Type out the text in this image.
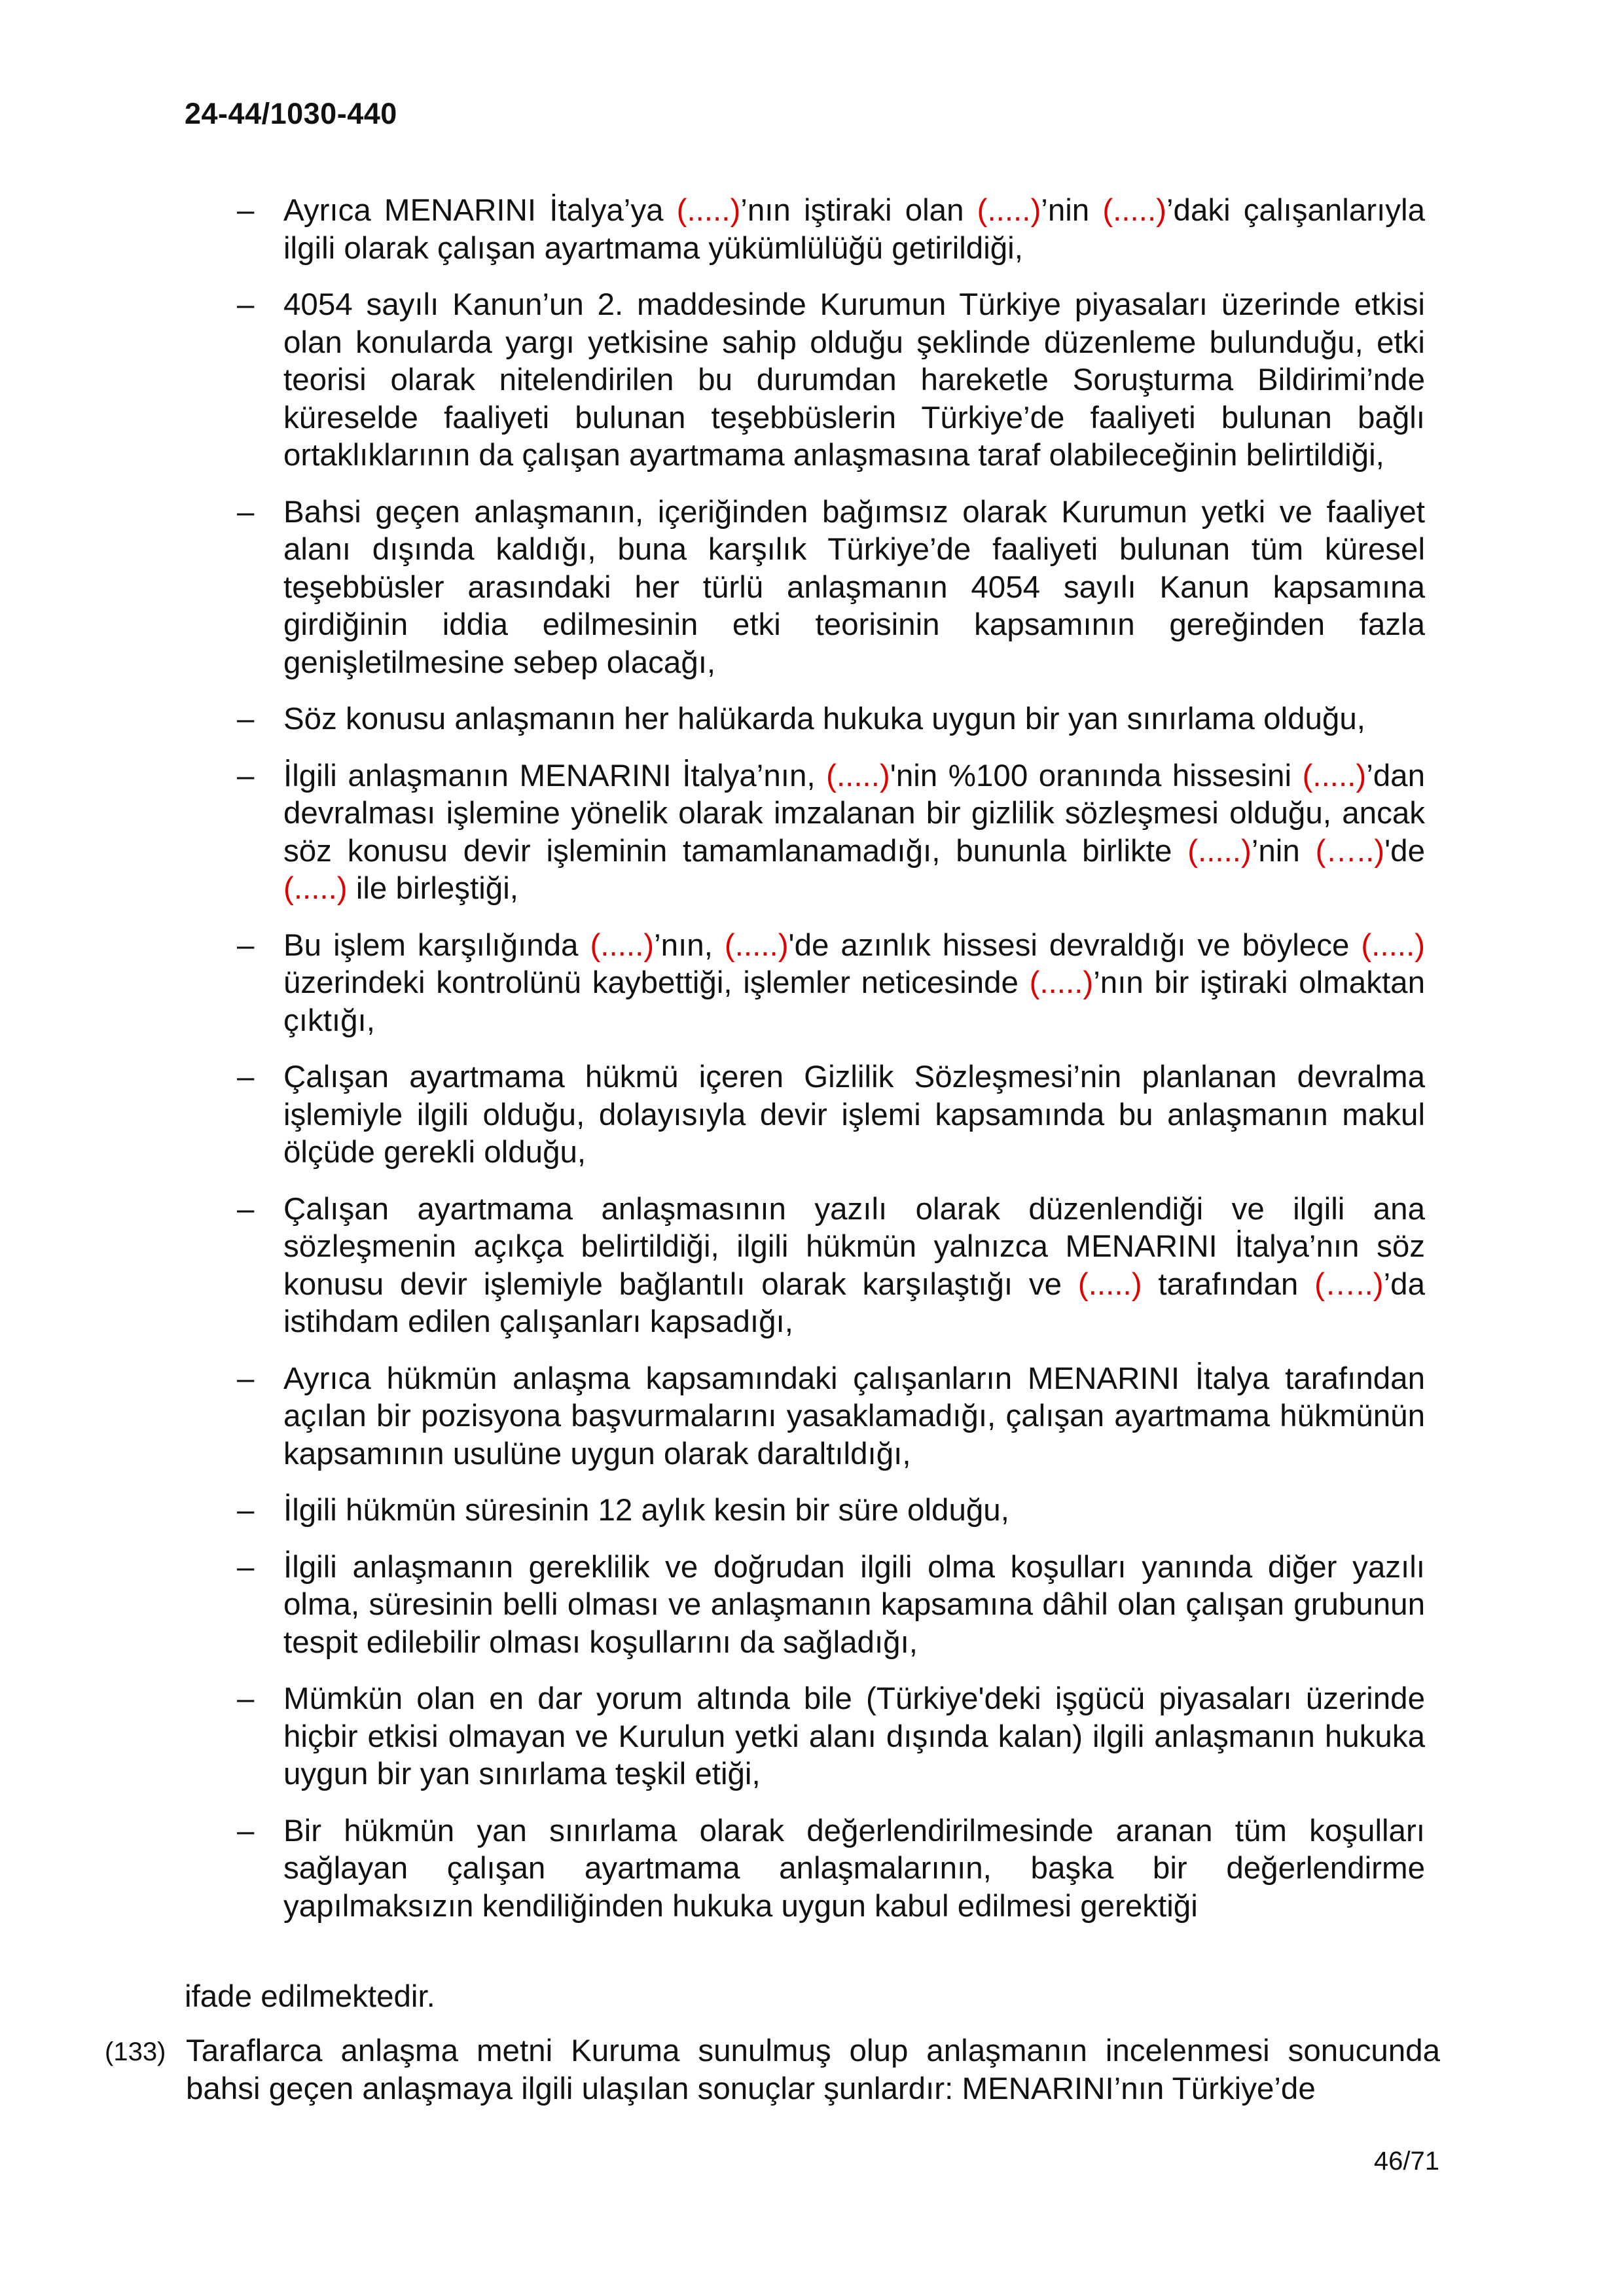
24-44/1030-440
– Ayrıca MENARINI İtalya’ya (.....)’nın iştiraki olan (.....)’nin (.....)’daki çalışanlarıyla ilgili olarak çalışan ayartmama yükümlülüğü getirildiği,
– 4054 sayılı Kanun’un 2. maddesinde Kurumun Türkiye piyasaları üzerinde etkisi olan konularda yargı yetkisine sahip olduğu şeklinde düzenleme bulunduğu, etki teorisi olarak nitelendirilen bu durumdan hareketle Soruşturma Bildirimi’nde küreselde faaliyeti bulunan teşebbüslerin Türkiye’de faaliyeti bulunan bağlı ortaklıklarının da çalışan ayartmama anlaşmasına taraf olabileceğinin belirtildiği,
– Bahsi geçen anlaşmanın, içeriğinden bağımsız olarak Kurumun yetki ve faaliyet alanı dışında kaldığı, buna karşılık Türkiye’de faaliyeti bulunan tüm küresel teşebbüsler arasındaki her türlü anlaşmanın 4054 sayılı Kanun kapsamına girdiğinin iddia edilmesinin etki teorisinin kapsamının gereğinden fazla genişletilmesine sebep olacağı,
– Söz konusu anlaşmanın her halükarda hukuka uygun bir yan sınırlama olduğu,
– İlgili anlaşmanın MENARINI İtalya’nın, (.....)'nin %100 oranında hissesini (.....)’dan devralması işlemine yönelik olarak imzalanan bir gizlilik sözleşmesi olduğu, ancak söz konusu devir işleminin tamamlanamadığı, bununla birlikte (.....)’nin (…..)'de (.....) ile birleştiği,
– Bu işlem karşılığında (.....)’nın, (.....)'de azınlık hissesi devraldığı ve böylece (.....) üzerindeki kontrolünü kaybettiği, işlemler neticesinde (.....)’nın bir iştiraki olmaktan çıktığı,
– Çalışan ayartmama hükmü içeren Gizlilik Sözleşmesi’nin planlanan devralma işlemiyle ilgili olduğu, dolayısıyla devir işlemi kapsamında bu anlaşmanın makul ölçüde gerekli olduğu,
– Çalışan ayartmama anlaşmasının yazılı olarak düzenlendiği ve ilgili ana sözleşmenin açıkça belirtildiği, ilgili hükmün yalnızca MENARINI İtalya’nın söz konusu devir işlemiyle bağlantılı olarak karşılaştığı ve (.....) tarafından (…..)’da istihdam edilen çalışanları kapsadığı,
– Ayrıca hükmün anlaşma kapsamındaki çalışanların MENARINI İtalya tarafından açılan bir pozisyona başvurmalarını yasaklamadığı, çalışan ayartmama hükmünün kapsamının usulüne uygun olarak daraltıldığı,
– İlgili hükmün süresinin 12 aylık kesin bir süre olduğu,
– İlgili anlaşmanın gereklilik ve doğrudan ilgili olma koşulları yanında diğer yazılı olma, süresinin belli olması ve anlaşmanın kapsamına dâhil olan çalışan grubunun tespit edilebilir olması koşullarını da sağladığı,
– Mümkün olan en dar yorum altında bile (Türkiye'deki işgücü piyasaları üzerinde hiçbir etkisi olmayan ve Kurulun yetki alanı dışında kalan) ilgili anlaşmanın hukuka uygun bir yan sınırlama teşkil etiği,
– Bir hükmün yan sınırlama olarak değerlendirilmesinde aranan tüm koşulları sağlayan çalışan ayartmama anlaşmalarının, başka bir değerlendirme yapılmaksızın kendiliğinden hukuka uygun kabul edilmesi gerektiği
ifade edilmektedir.
(133) Taraflarca anlaşma metni Kuruma sunulmuş olup anlaşmanın incelenmesi sonucunda bahsi geçen anlaşmaya ilgili ulaşılan sonuçlar şunlardır: MENARINI’nın Türkiye’de
46/71
